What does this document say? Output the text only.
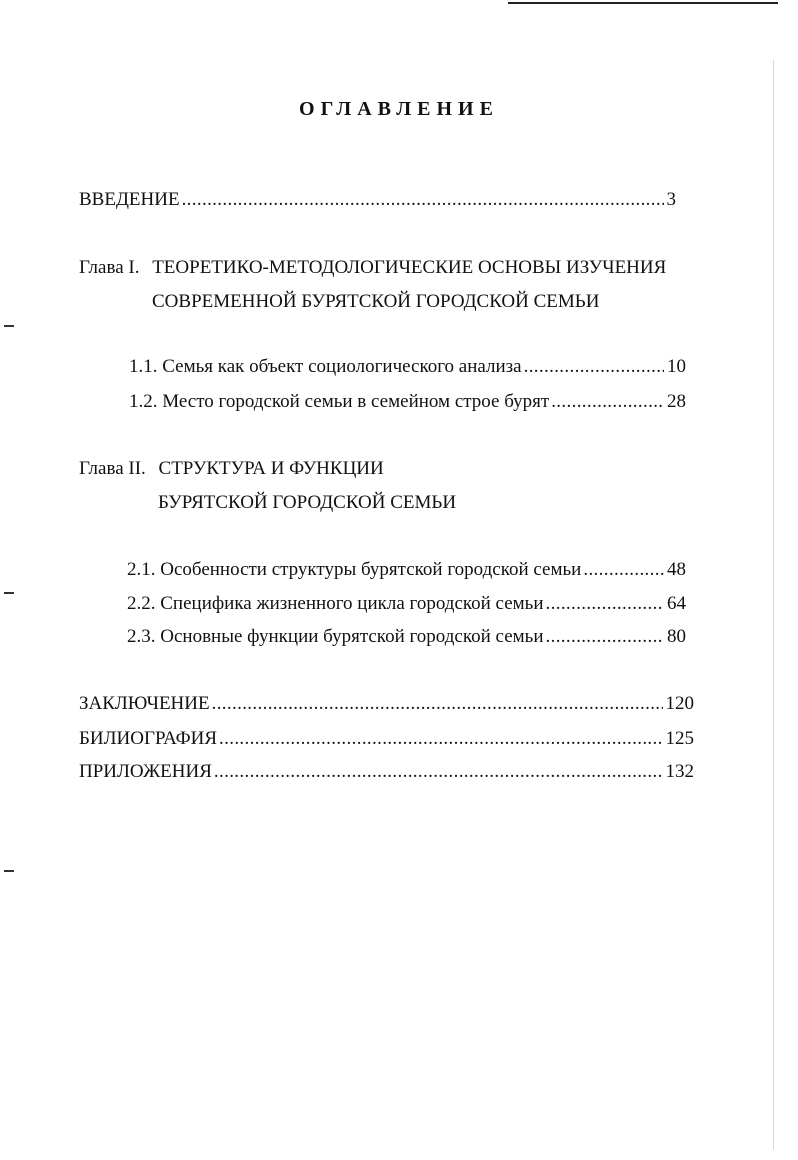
ОГЛАВЛЕНИЕ
ВВЕДЕНИЕ . . .	3
Глава I. ТЕОРЕТИКО-МЕТОДОЛОГИЧЕСКИЕ ОСНОВЫ ИЗУЧЕНИЯ
СОВРЕМЕННОЙ БУРЯТСКОЙ ГОРОДСКОЙ СЕМЬИ
1.1. Семья как объект социологического анализа . . .	10
1.2. Место городской семьи в семейном строе бурят . . .	28
Глава II. СТРУКТУРА И ФУНКЦИИ
БУРЯТСКОЙ ГОРОДСКОЙ СЕМЬИ
2.1. Особенности структуры бурятской городской семьи . . .	48
2.2. Специфика жизненного цикла городской семьи . . .	64
2.3. Основные функции бурятской городской семьи . . .	80
ЗАКЛЮЧЕНИЕ . . .	120
БИЛИОГРАФИЯ . . .	125
ПРИЛОЖЕНИЯ . . .	132
